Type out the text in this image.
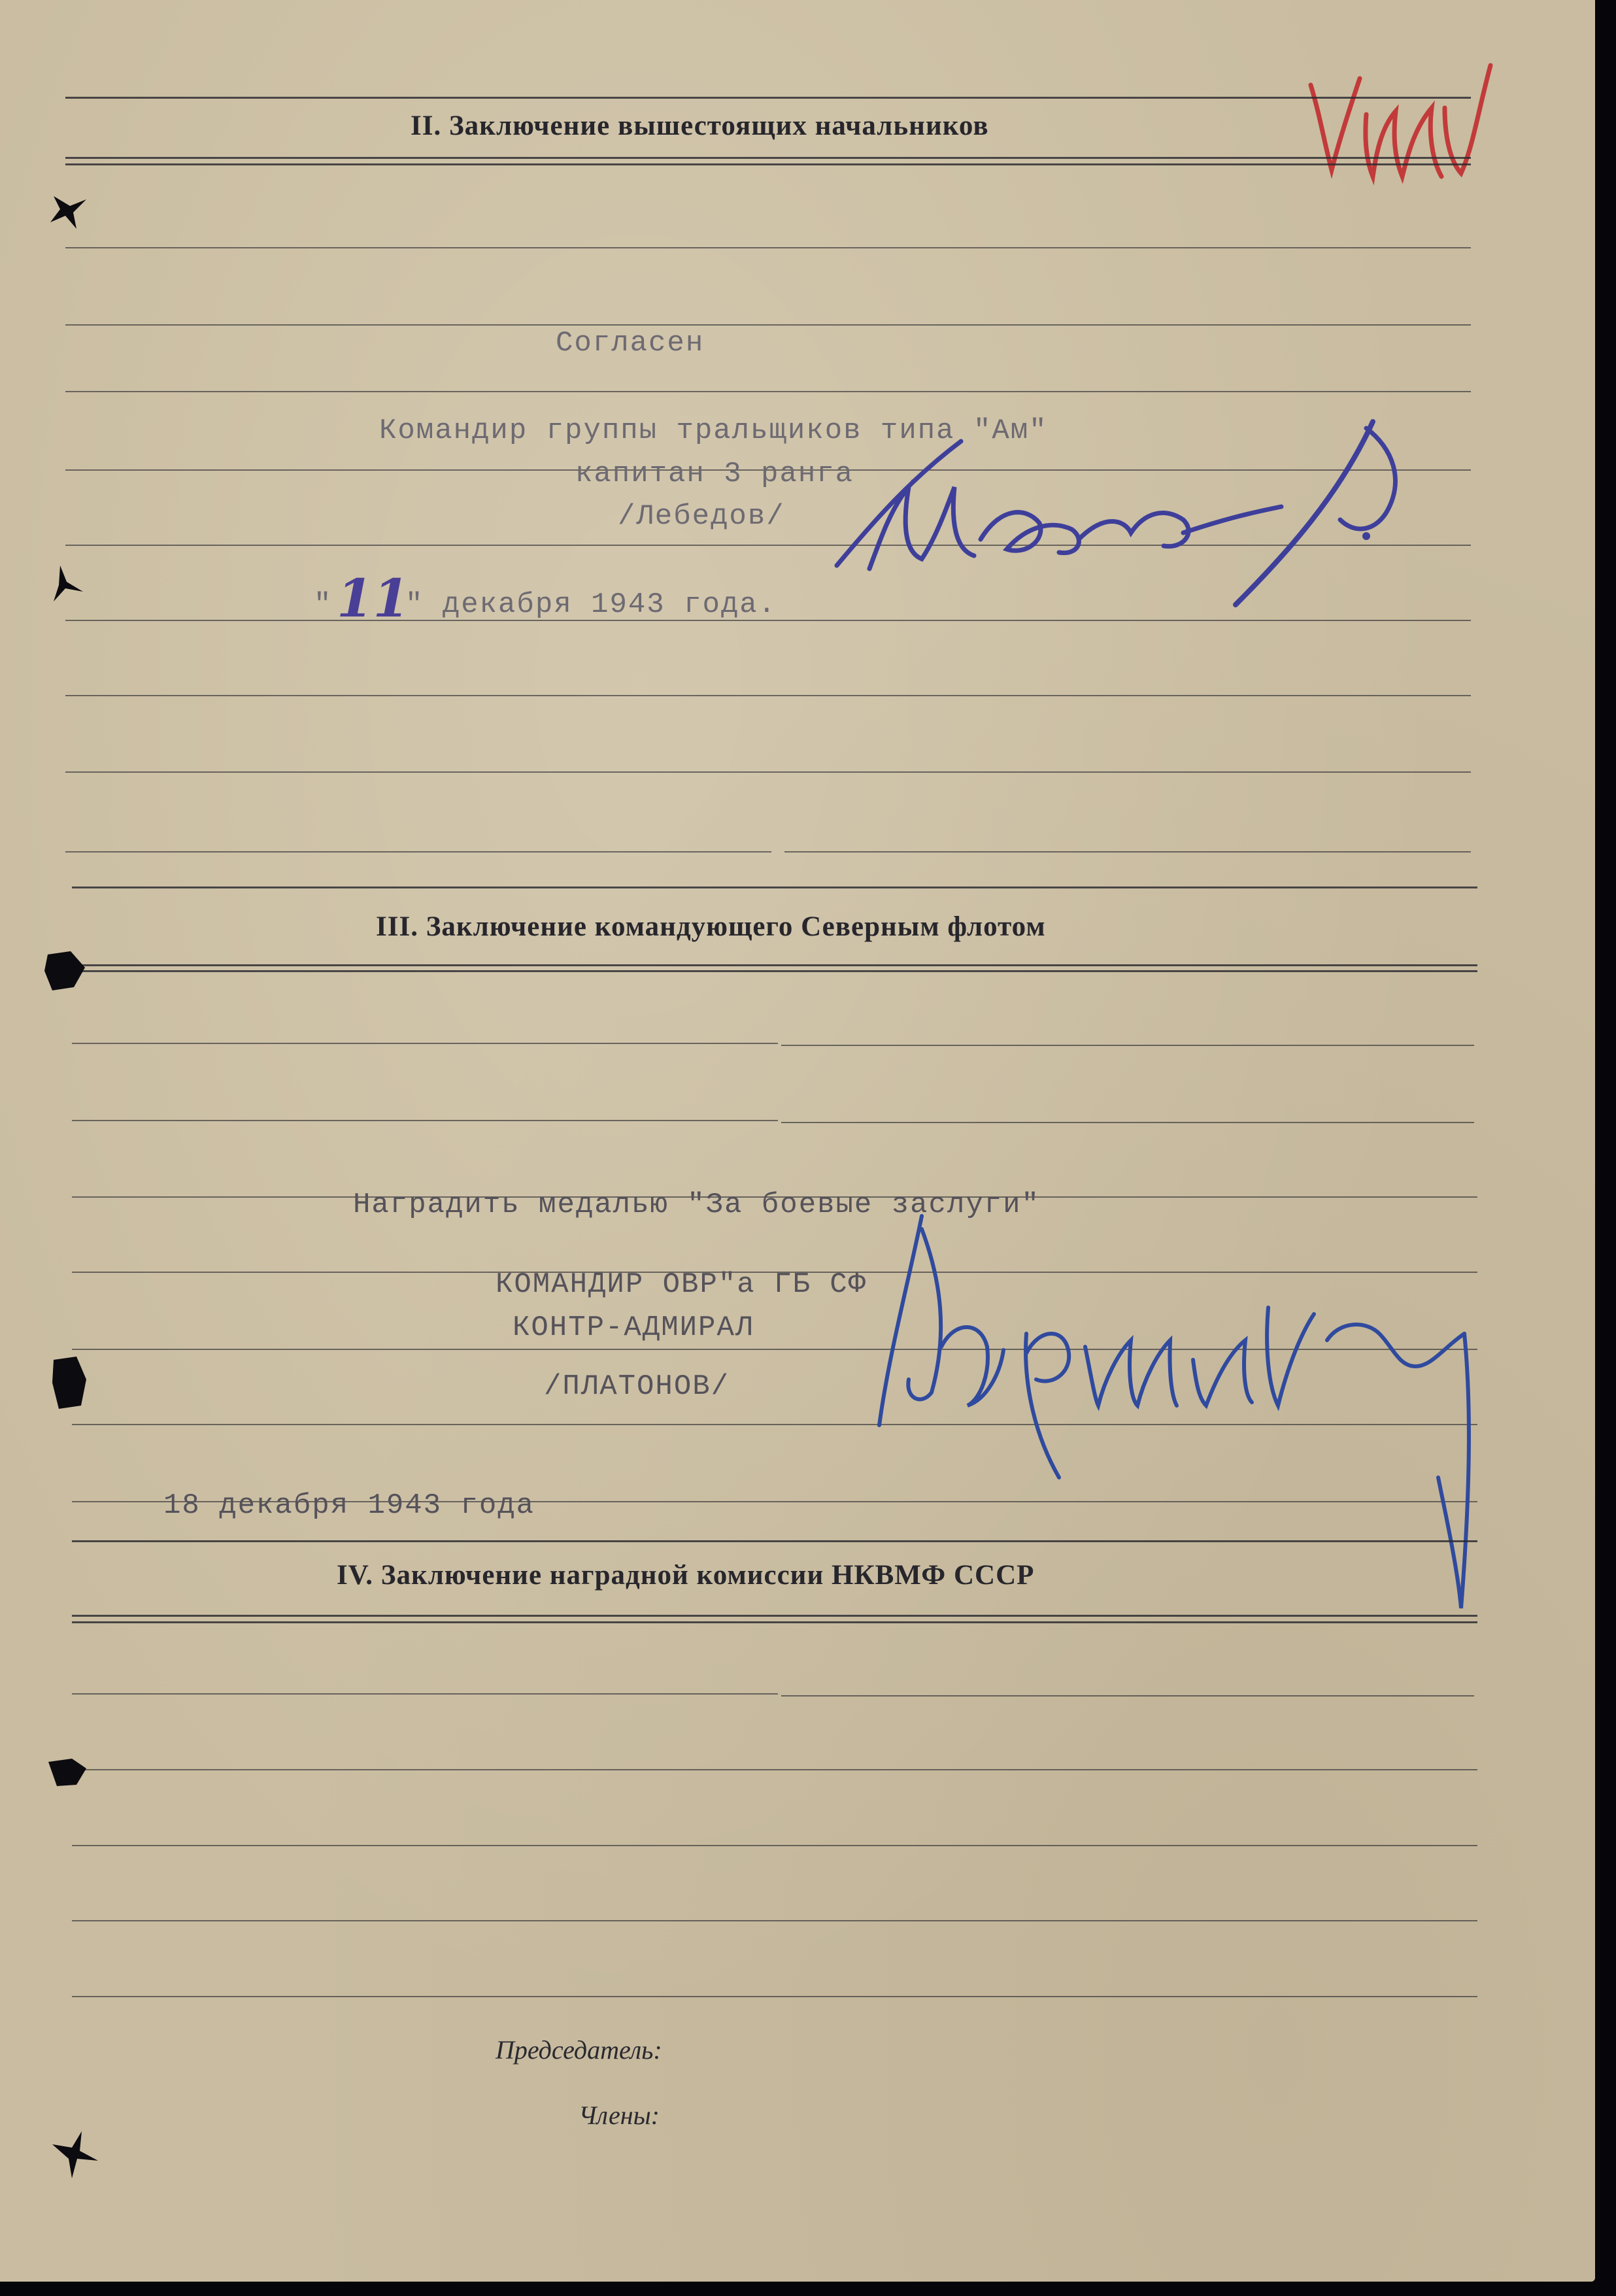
II. Заключение вышестоящих начальников
Согласен
Командир группы тральщиков типа "Ам"
капитан 3 ранга
/Лебедов/
" 11
" декабря 1943 года.
III. Заключение командующего Северным флотом
Наградить медалью "За боевые заслуги"
КОМАНДИР ОВР"а ГБ СФ
КОНТР-АДМИРАЛ
/ПЛАТОНОВ/
18 декабря 1943 года
IV. Заключение наградной комиссии НКВМФ СССР
Председатель:
Члены:
